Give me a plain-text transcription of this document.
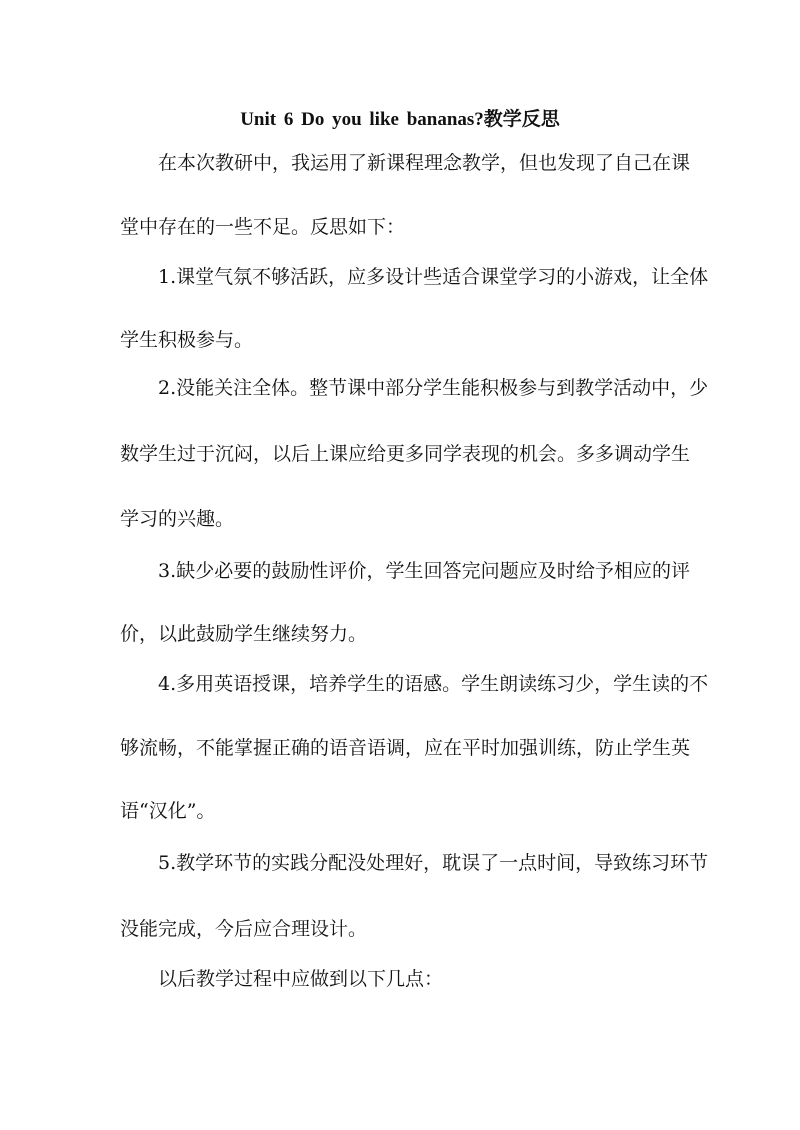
Unit 6 Do you like bananas?教学反思
在本次教研中，我运用了新课程理念教学，但也发现了自己在课
堂中存在的一些不足。反思如下：
1.课堂气氛不够活跃，应多设计些适合课堂学习的小游戏，让全体
学生积极参与。
2.没能关注全体。整节课中部分学生能积极参与到教学活动中，少
数学生过于沉闷，以后上课应给更多同学表现的机会。多多调动学生
学习的兴趣。
3.缺少必要的鼓励性评价，学生回答完问题应及时给予相应的评
价，以此鼓励学生继续努力。
4.多用英语授课，培养学生的语感。学生朗读练习少，学生读的不
够流畅，不能掌握正确的语音语调，应在平时加强训练，防止学生英
语“汉化”。
5.教学环节的实践分配没处理好，耽误了一点时间，导致练习环节
没能完成，今后应合理设计。
以后教学过程中应做到以下几点：
